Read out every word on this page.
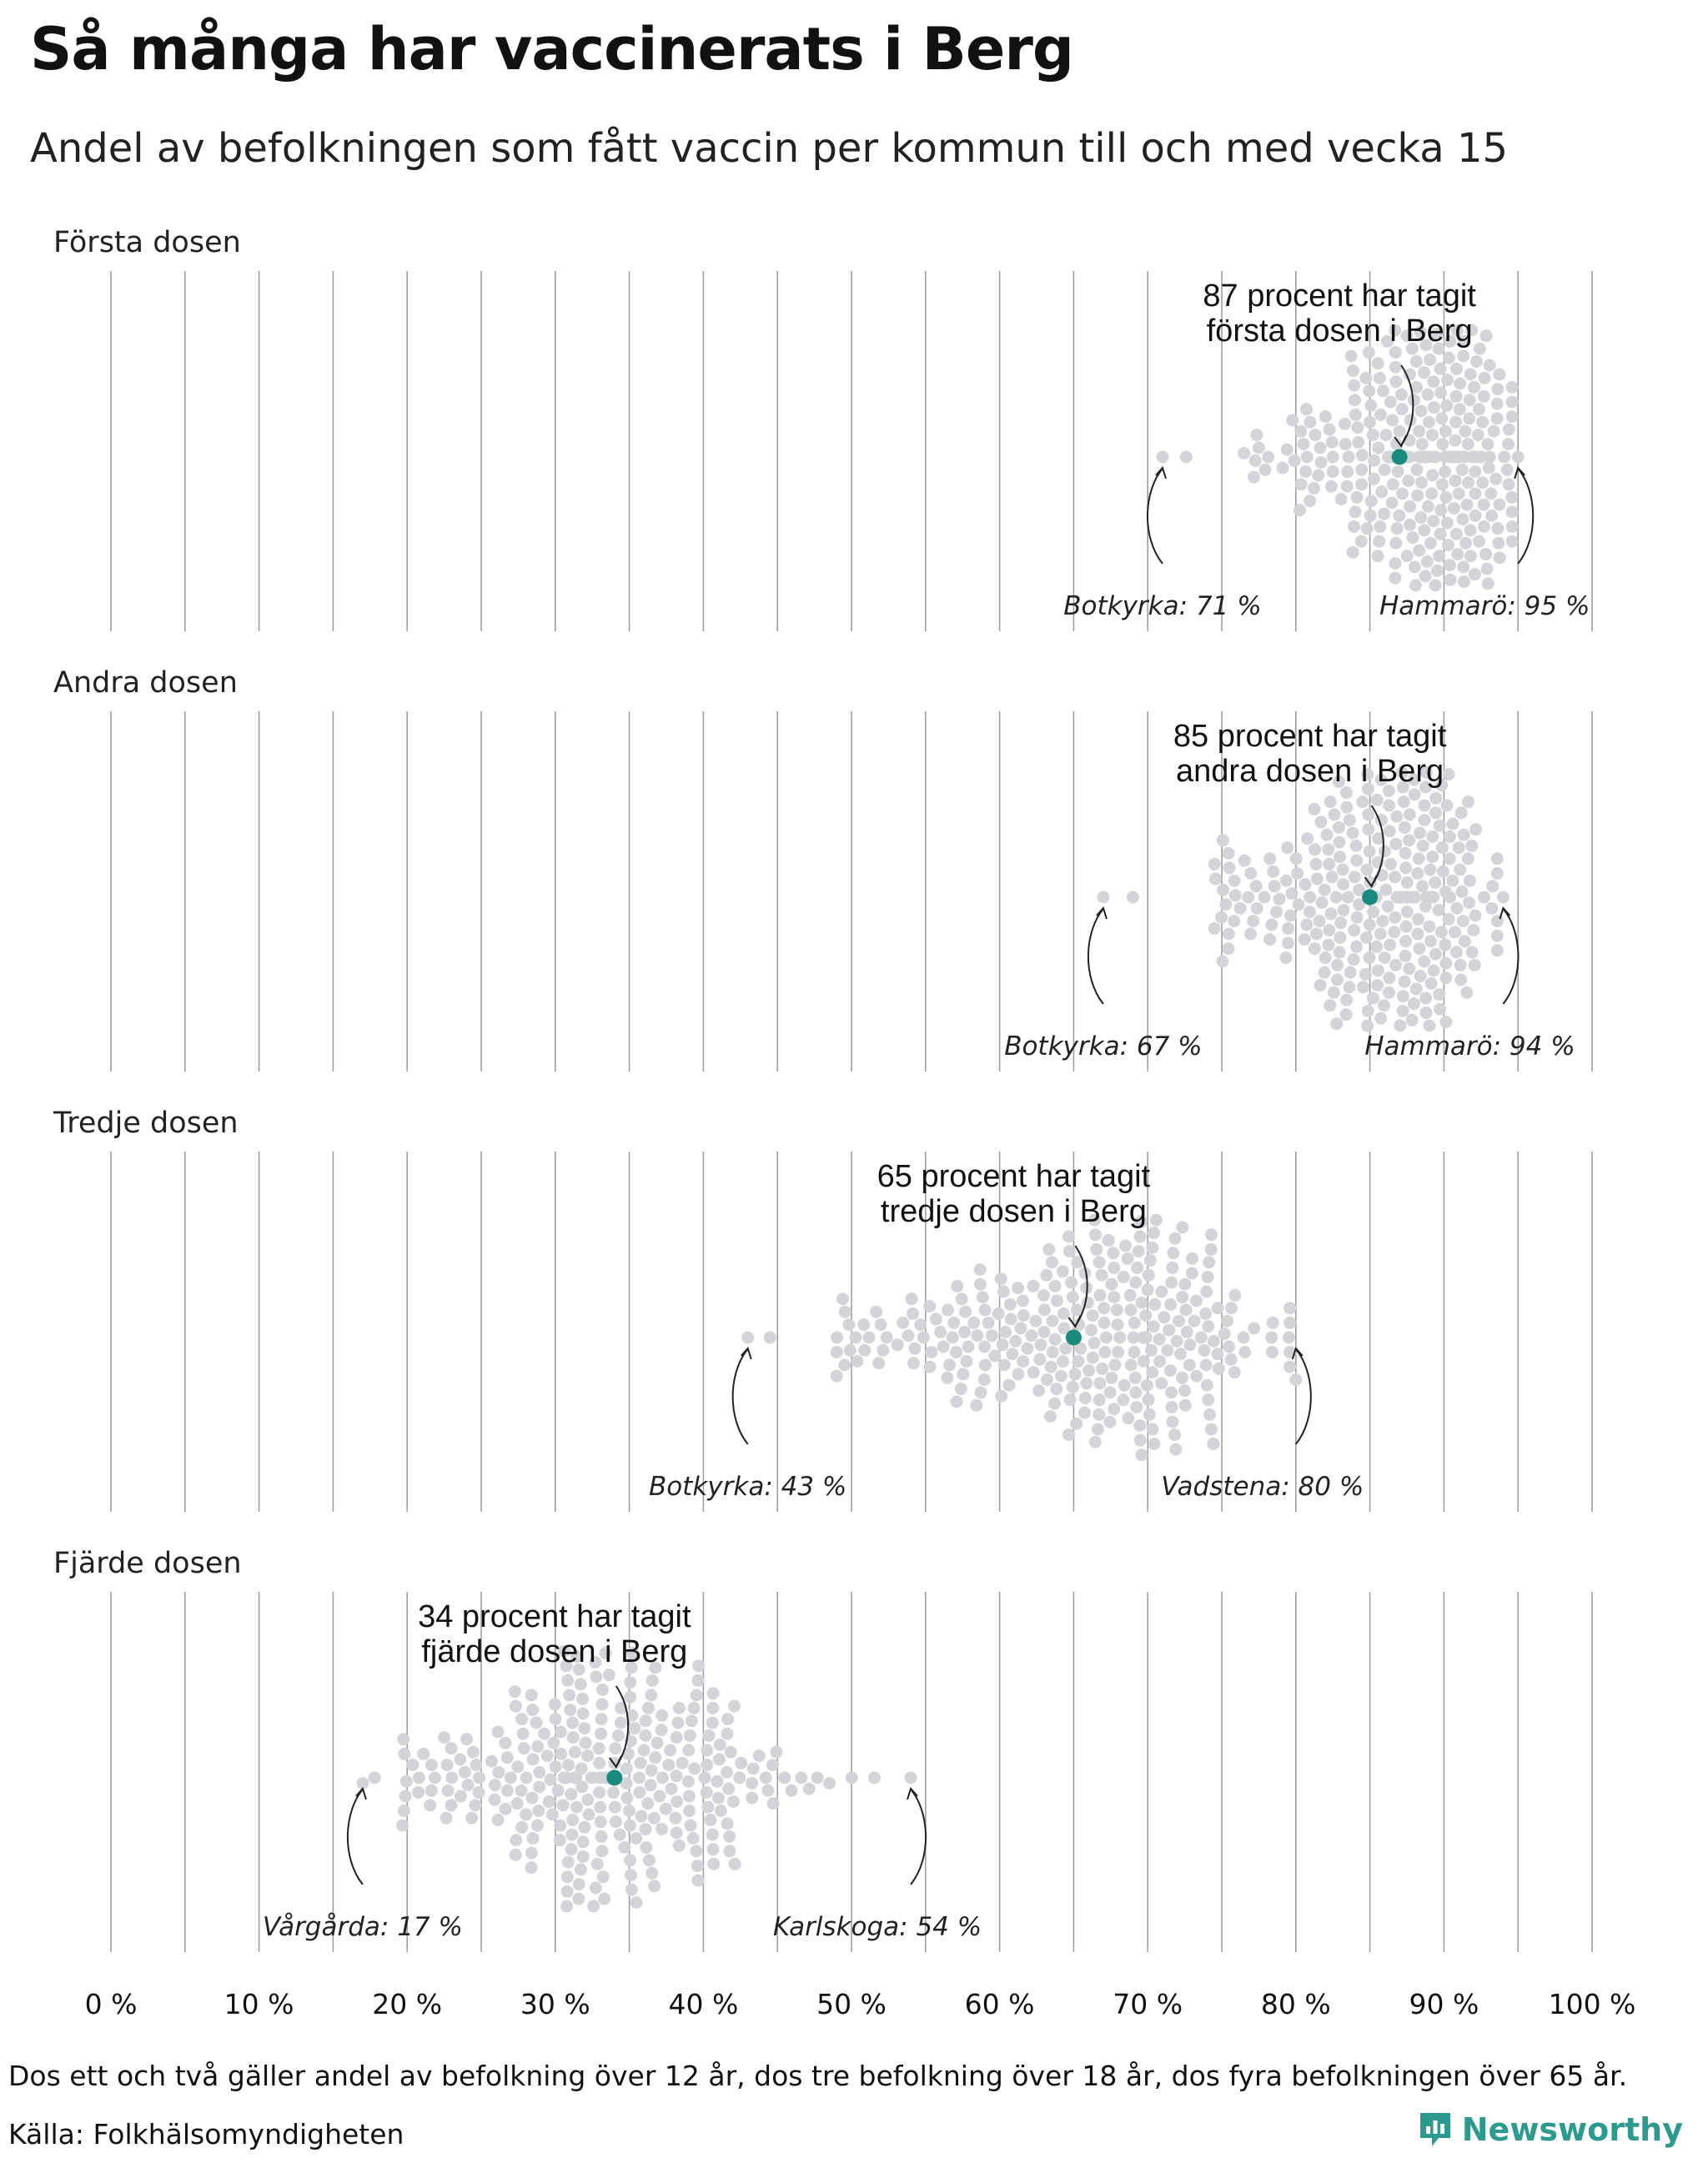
Så många har vaccinerats i Berg
Andel av befolkningen som fått vaccin per kommun till och med vecka 15
Första dosen
87 procent har tagit
första dosen i Berg
Botkyrka: 71 %	Hammarö: 95 %
Andra dosen
85 procent har tagit
andra dosen i Berg
Botkyrka: 67 %	Hammarö: 94 %
Tredje dosen
65 procent har tagit
tredje dosen i Berg
Botkyrka: 43 %	Vadstena: 80 %
Fjärde dosen
34 procent har tagit
fjärde dosen i Berg
Vårgårda: 17 %	Karlskoga: 54 %
0 %	10 %	20 %	30 %	40 %	50 %	60 %	70 %	80 %	90 %	100 %
Dos ett och två gäller andel av befolkning över 12 år, dos tre befolkning över 18 år, dos fyra befolkningen över 65 år.
Källa: Folkhälsomyndigheten	Newsworthy
